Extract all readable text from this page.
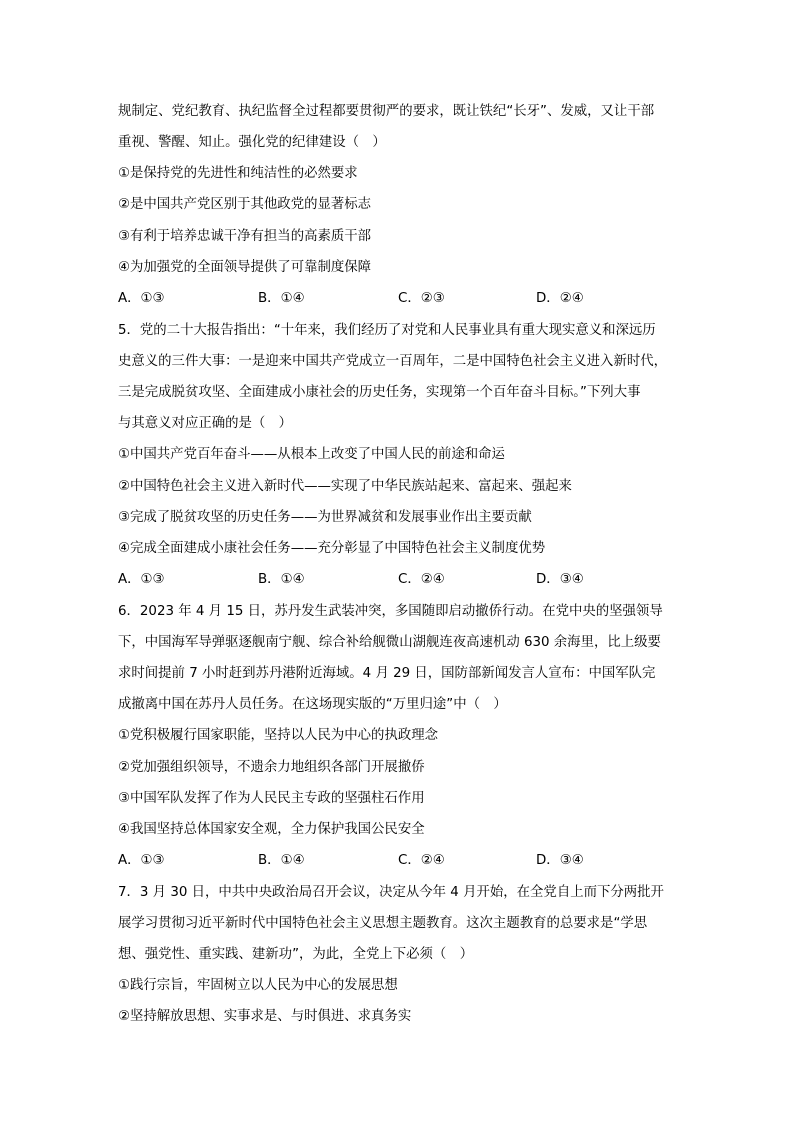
规制定、党纪教育、执纪监督全过程都要贯彻严的要求，既让铁纪“长牙”、发威，又让干部
重视、警醒、知止。强化党的纪律建设（　）
①是保持党的先进性和纯洁性的必然要求
②是中国共产党区别于其他政党的显著标志
③有利于培养忠诚干净有担当的高素质干部
④为加强党的全面领导提供了可靠制度保障
A．①③	B．①④	C．②③	D．②④
5．党的二十大报告指出：“十年来，我们经历了对党和人民事业具有重大现实意义和深远历
史意义的三件大事：一是迎来中国共产党成立一百周年，二是中国特色社会主义进入新时代，
三是完成脱贫攻坚、全面建成小康社会的历史任务，实现第一个百年奋斗目标。”下列大事
与其意义对应正确的是（　）
①中国共产党百年奋斗——从根本上改变了中国人民的前途和命运
②中国特色社会主义进入新时代——实现了中华民族站起来、富起来、强起来
③完成了脱贫攻坚的历史任务——为世界减贫和发展事业作出主要贡献
④完成全面建成小康社会任务——充分彰显了中国特色社会主义制度优势
A．①③	B．①④	C．②④	D．③④
6．2023 年 4 月 15 日，苏丹发生武装冲突，多国随即启动撤侨行动。在党中央的坚强领导
下，中国海军导弹驱逐舰南宁舰、综合补给舰微山湖舰连夜高速机动 630 余海里，比上级要
求时间提前 7 小时赶到苏丹港附近海域。4 月 29 日，国防部新闻发言人宣布：中国军队完
成撤离中国在苏丹人员任务。在这场现实版的“万里归途”中（　）
①党积极履行国家职能，坚持以人民为中心的执政理念
②党加强组织领导，不遗余力地组织各部门开展撤侨
③中国军队发挥了作为人民民主专政的坚强柱石作用
④我国坚持总体国家安全观，全力保护我国公民安全
A．①③	B．①④	C．②④	D．③④
7．3 月 30 日，中共中央政治局召开会议，决定从今年 4 月开始，在全党自上而下分两批开
展学习贯彻习近平新时代中国特色社会主义思想主题教育。这次主题教育的总要求是“学思
想、强党性、重实践、建新功”，为此，全党上下必须（　）
①践行宗旨，牢固树立以人民为中心的发展思想
②坚持解放思想、实事求是、与时俱进、求真务实
